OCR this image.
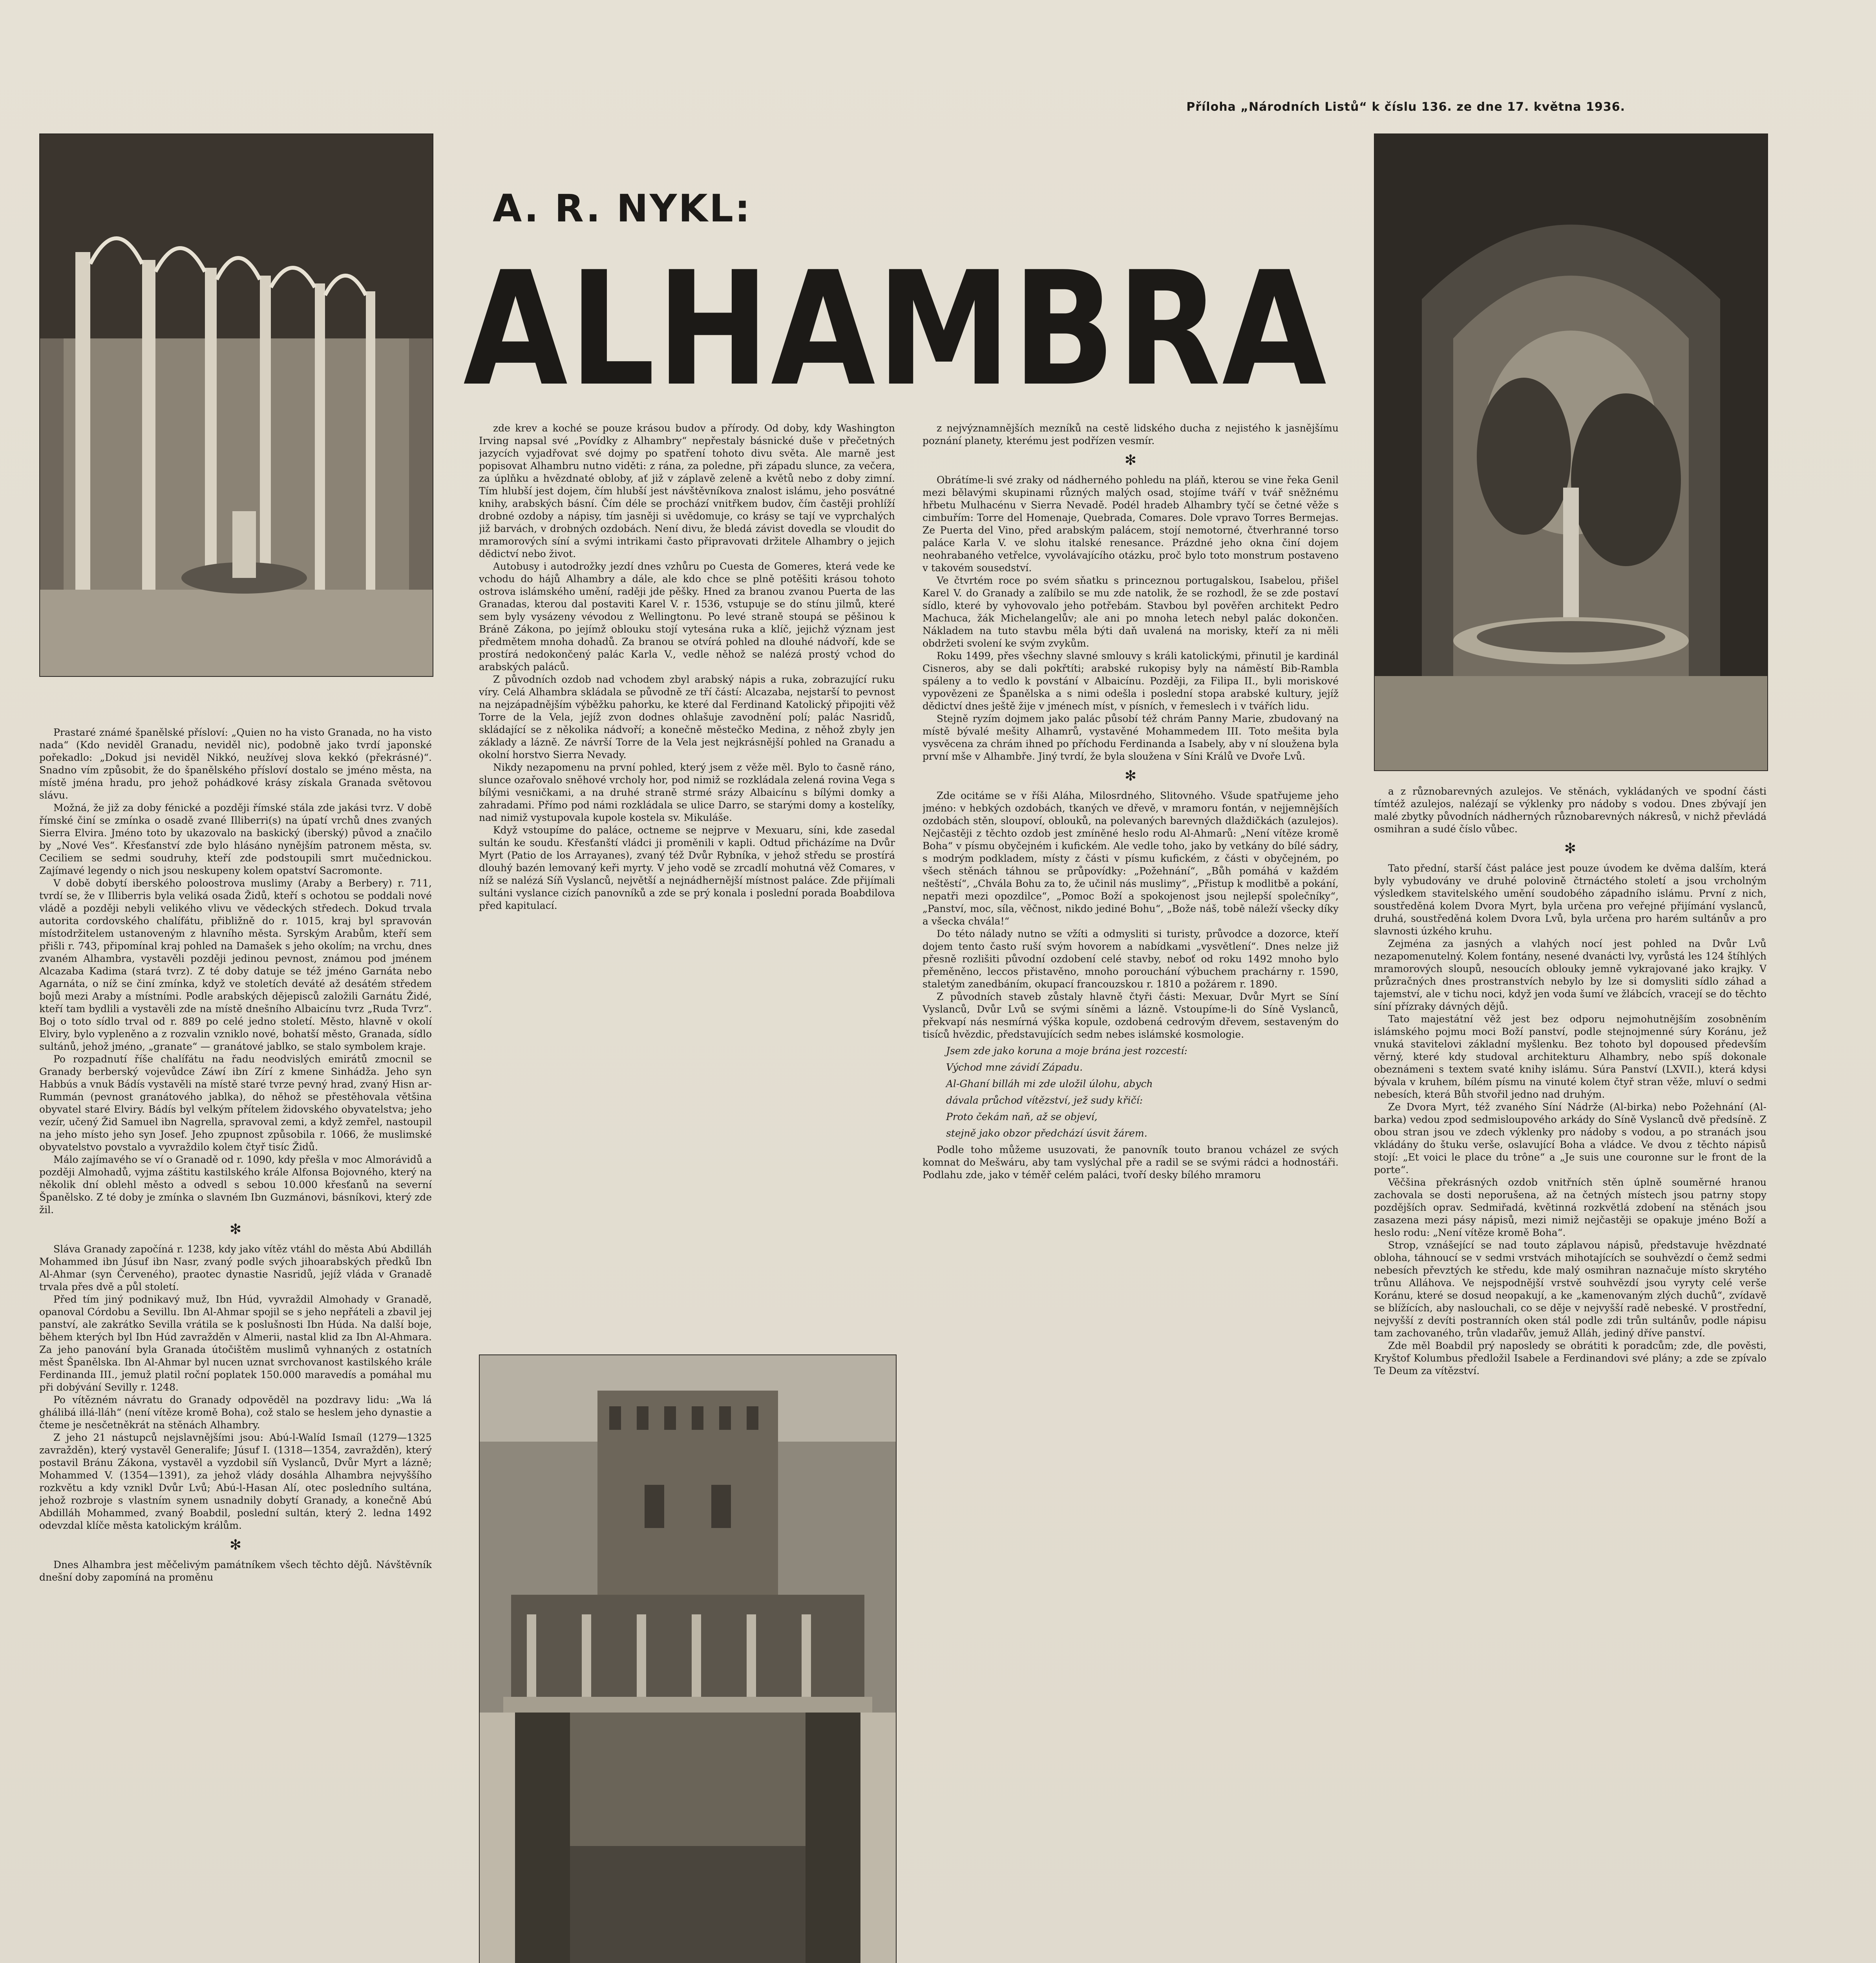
Příloha „Národních Listů“ k číslu 136. ze dne 17. května 1936.
A. R. NYKL:
ALHAMBRA

Prastaré známé španělské přísloví: „Quien no ha visto Granada, no ha visto nada“ (Kdo neviděl Granadu, neviděl nic), podobně jako tvrdí japonské pořekadlo: „Dokud jsi neviděl Nikkó, neužívej slova kekkó (překrásné)“. Snadno vím způsobit, že do španělského přísloví dostalo se jméno města, na místě jména hradu, pro jehož pohádkové krásy získala Granada světovou slávu.

Možná, že již za doby fénické a později římské stála zde jakási tvrz. V době římské činí se zmínka o osadě zvané Illiberri(s) na úpatí vrchů dnes zvaných Sierra Elvira. Jméno toto by ukazovalo na baskický (iberský) původ a značilo by „Nové Ves“. Křesťanství zde bylo hlásáno nynějším patronem města, sv. Ceciliem se sedmi soudruhy, kteří zde podstoupili smrt mučednickou. Zajímavé legendy o nich jsou neskupeny kolem opatství Sacromonte.

V době dobytí iberského poloostrova muslimy (Araby a Berbery) r. 711, tvrdí se, že v Illiberris byla veliká osada Židů, kteří s ochotou se poddali nové vládě a později nebyli velikého vlivu ve vědeckých středech. Dokud trvala autorita cordovského chalífátu, přibližně do r. 1015, kraj byl spravován místodržitelem ustanoveným z hlavního města. Syrským Arabům, kteří sem přišli r. 743, připomínal kraj pohled na Damašek s jeho okolím; na vrchu, dnes zvaném Alhambra, vystavěli později jedinou pevnost, známou pod jménem Alcazaba Kadima (stará tvrz). Z té doby datuje se též jméno Garnáta nebo Agarnáta, o níž se činí zmínka, když ve stoletích deváté až desátém středem bojů mezi Araby a místními. Podle arabských dějepisců založili Garnátu Židé, kteří tam bydlili a vystavěli zde na místě dnešního Albaicínu tvrz „Ruda Tvrz“. Boj o toto sídlo trval od r. 889 po celé jedno století. Město, hlavně v okolí Elviry, bylo vypleněno a z rozvalin vzniklo nové, bohatší město, Granada, sídlo sultánů, jehož jméno, „granate“ — granátové jablko, se stalo symbolem kraje.

Po rozpadnutí říše chalífátu na řadu neodvislých emirátů zmocnil se Granady berberský vojevůdce Záwí ibn Zírí z kmene Sinhádža. Jeho syn Habbús a vnuk Bádís vystavěli na místě staré tvrze pevný hrad, zvaný Hisn ar-Rummán (pevnost granátového jablka), do něhož se přestěhovala většina obyvatel staré Elviry. Bádís byl velkým přítelem židovského obyvatelstva; jeho vezír, učený Žid Samuel ibn Nagrella, spravoval zemi, a když zemřel, nastoupil na jeho místo jeho syn Josef. Jeho zpupnost způsobila r. 1066, že muslimské obyvatelstvo povstalo a vyvraždilo kolem čtyř tisíc Židů.

Málo zajímavého se ví o Granadě od r. 1090, kdy přešla v moc Almorávidů a později Almohadů, vyjma záštitu kastilského krále Alfonsa Bojovného, který na několik dní oblehl město a odvedl s sebou 10.000 křesťanů na severní Španělsko. Z té doby je zmínka o slavném Ibn Guzmánovi, básníkovi, který zde žil.

✻

Sláva Granady započíná r. 1238, kdy jako vítěz vtáhl do města Abú Abdilláh Mohammed ibn Júsuf ibn Nasr, zvaný podle svých jihoarabských předků Ibn Al-Ahmar (syn Červeného), praotec dynastie Nasridů, jejíž vláda v Granadě trvala přes dvě a půl století.

Před tím jiný podnikavý muž, Ibn Húd, vyvraždil Almohady v Granadě, opanoval Córdobu a Sevillu. Ibn Al-Ahmar spojil se s jeho nepřáteli a zbavil jej panství, ale zakrátko Sevilla vrátila se k poslušnosti Ibn Húda. Na další boje, během kterých byl Ibn Húd zavražděn v Almerii, nastal klid za Ibn Al-Ahmara. Za jeho panování byla Granada útočištěm muslimů vyhnaných z ostatních měst Španělska. Ibn Al-Ahmar byl nucen uznat svrchovanost kastilského krále Ferdinanda III., jemuž platil roční poplatek 150.000 maravedís a pomáhal mu při dobývání Sevilly r. 1248.

Po vítězném návratu do Granady odpověděl na pozdravy lidu: „Wa lá ghálibá illá-lláh“ (není vítěze kromě Boha), což stalo se heslem jeho dynastie a čteme je nesčetněkrát na stěnách Alhambry.

Z jeho 21 nástupců nejslavnějšími jsou: Abú-l-Walíd Ismaíl (1279—1325 zavražděn), který vystavěl Generalife; Júsuf I. (1318—1354, zavražděn), který postavil Bránu Zákona, vystavěl a vyzdobil síň Vyslanců, Dvůr Myrt a lázně; Mohammed V. (1354—1391), za jehož vlády dosáhla Alhambra nejvyššího rozkvětu a kdy vznikl Dvůr Lvů; Abú-l-Hasan Alí, otec posledního sultána, jehož rozbroje s vlastním synem usnadnily dobytí Granady, a konečně Abú Abdilláh Mohammed, zvaný Boabdil, poslední sultán, který 2. ledna 1492 odevzdal klíče města katolickým králům.

✻

Dnes Alhambra jest měčelivým památníkem všech těchto dějů. Návštěvník dnešní doby zapomíná na proměnu

zde krev a koché se pouze krásou budov a přírody. Od doby, kdy Washington Irving napsal své „Povídky z Alhambry“ nepřestaly básnické duše v přečetných jazycích vyjadřovat své dojmy po spatření tohoto divu světa. Ale marně jest popisovat Alhambru nutno viděti: z rána, za poledne, při západu slunce, za večera, za úplňku a hvězdnaté obloby, ať již v záplavě zeleně a květů nebo z doby zimní. Tím hlubší jest dojem, čím hlubší jest návštěvníkova znalost islámu, jeho posvátné knihy, arabských básní. Čím déle se prochází vnitřkem budov, čím častěji prohlíží drobné ozdoby a nápisy, tím jasněji si uvědomuje, co krásy se tají ve vyprchalých již barvách, v drobných ozdobách. Není divu, že bledá závist dovedla se vloudit do mramorových síní a svými intrikami často připravovati držitele Alhambry o jejich dědictví nebo život.

Autobusy i autodrožky jezdí dnes vzhůru po Cuesta de Gomeres, která vede ke vchodu do hájů Alhambry a dále, ale kdo chce se plně potěšiti krásou tohoto ostrova islámského umění, raději jde pěšky. Hned za branou zvanou Puerta de las Granadas, kterou dal postaviti Karel V. r. 1536, vstupuje se do stínu jilmů, které sem byly vysázeny vévodou z Wellingtonu. Po levé straně stoupá se pěšinou k Bráně Zákona, po jejímž oblouku stojí vytesána ruka a klíč, jejichž význam jest předmětem mnoha dohadů. Za branou se otvírá pohled na dlouhé nádvoří, kde se prostírá nedokončený palác Karla V., vedle něhož se nalézá prostý vchod do arabských paláců.

Z původních ozdob nad vchodem zbyl arabský nápis a ruka, zobrazující ruku víry. Celá Alhambra skládala se původně ze tří částí: Alcazaba, nejstarší to pevnost na nejzápadnějším výběžku pahorku, ke které dal Ferdinand Katolický připojiti věž Torre de la Vela, jejíž zvon dodnes ohlašuje zavodnění polí; palác Nasridů, skládající se z několika nádvoří; a konečně městečko Medina, z něhož zbyly jen základy a lázně. Ze návrší Torre de la Vela jest nejkrásnější pohled na Granadu a okolní horstvo Sierra Nevady.

Nikdy nezapomenu na první pohled, který jsem z věže měl. Bylo to časně ráno, slunce ozařovalo sněhové vrcholy hor, pod nimiž se rozkládala zelená rovina Vega s bílými vesničkami, a na druhé straně strmé srázy Albaicínu s bílými domky a zahradami. Přímo pod námi rozkládala se ulice Darro, se starými domy a kostelíky, nad nimiž vystupovala kupole kostela sv. Mikuláše.

Když vstoupíme do paláce, octneme se nejprve v Mexuaru, síni, kde zasedal sultán ke soudu. Křesťanští vládci ji proměnili v kapli. Odtud přicházíme na Dvůr Myrt (Patio de los Arrayanes), zvaný též Dvůr Rybníka, v jehož středu se prostírá dlouhý bazén lemovaný keři myrty. V jeho vodě se zrcadlí mohutná věž Comares, v níž se nalézá Síň Vyslanců, největší a nejnádhernější místnost paláce. Zde přijímali sultáni vyslance cizích panovníků a zde se prý konala i poslední porada Boabdilova před kapitulací.

z nejvýznamnějších mezníků na cestě lidského ducha z nejistého k jasnějšímu poznání planety, kterému jest podřízen vesmír.

✻

Obrátíme-li své zraky od nádherného pohledu na pláň, kterou se vine řeka Genil mezi bělavými skupinami různých malých osad, stojíme tváří v tvář sněžnému hřbetu Mulhacénu v Sierra Nevadě. Podél hradeb Alhambry tyčí se četné věže s cimbuřím: Torre del Homenaje, Quebrada, Comares. Dole vpravo Torres Bermejas. Ze Puerta del Vino, před arabským palácem, stojí nemotorné, čtverhranné torso paláce Karla V. ve slohu italské renesance. Prázdné jeho okna činí dojem neohrabaného vetřelce, vyvolávajícího otázku, proč bylo toto monstrum postaveno v takovém sousedství.

Ve čtvrtém roce po svém sňatku s princeznou portugalskou, Isabelou, přišel Karel V. do Granady a zalíbilo se mu zde natolik, že se rozhodl, že se zde postaví sídlo, které by vyhovovalo jeho potřebám. Stavbou byl pověřen architekt Pedro Machuca, žák Michelangelův; ale ani po mnoha letech nebyl palác dokončen. Nákladem na tuto stavbu měla býti daň uvalená na morisky, kteří za ni měli obdržeti svolení ke svým zvykům.

Roku 1499, přes všechny slavné smlouvy s králi katolickými, přinutil je kardinál Cisneros, aby se dali pokřtíti; arabské rukopisy byly na náměstí Bib-Rambla spáleny a to vedlo k povstání v Albaicínu. Později, za Filipa II., byli moriskové vypovězeni ze Španělska a s nimi odešla i poslední stopa arabské kultury, jejíž dědictví dnes ještě žije v jménech míst, v písních, v řemeslech i v tvářích lidu.

Stejně ryzím dojmem jako palác působí též chrám Panny Marie, zbudovaný na místě bývalé mešity Alhamrů, vystavěné Mohammedem III. Toto mešita byla vysvěcena za chrám ihned po příchodu Ferdinanda a Isabely, aby v ní sloužena byla první mše v Alhambře. Jiný tvrdí, že byla sloužena v Síni Králů ve Dvoře Lvů.

✻

Zde ocitáme se v říši Aláha, Milosrdného, Slitovného. Všude spatřujeme jeho jméno: v hebkých ozdobách, tkaných ve dřevě, v mramoru fontán, v nejjemnějších ozdobách stěn, sloupoví, oblouků, na polevaných barevných dlaždičkách (azulejos). Nejčastěji z těchto ozdob jest zmíněné heslo rodu Al-Ahmarů: „Není vítěze kromě Boha“ v písmu obyčejném i kufickém. Ale vedle toho, jako by vetkány do bílé sádry, s modrým podkladem, místy z části v písmu kufickém, z části v obyčejném, po všech stěnách táhnou se průpovídky: „Požehnání“, „Bůh pomáhá v každém neštěstí“, „Chvála Bohu za to, že učinil nás muslimy“, „Přistup k modlitbě a pokání, nepatři mezi opozdilce“, „Pomoc Boží a spokojenost jsou nejlepší společníky“, „Panství, moc, síla, věčnost, nikdo jediné Bohu“, „Bože náš, tobě náleží všecky díky a všecka chvála!“

Do této nálady nutno se vžíti a odmysliti si turisty, průvodce a dozorce, kteří dojem tento často ruší svým hovorem a nabídkami „vysvětlení“. Dnes nelze již přesně rozlišiti původní ozdobení celé stavby, neboť od roku 1492 mnoho bylo přeměněno, leccos přistavěno, mnoho porouchání výbuchem prachárny r. 1590, staletým zanedbáním, okupací francouzskou r. 1810 a požárem r. 1890.

Z původních staveb zůstaly hlavně čtyři části: Mexuar, Dvůr Myrt se Síní Vyslanců, Dvůr Lvů se svými síněmi a lázně. Vstoupíme-li do Síně Vyslanců, překvapí nás nesmírná výška kopule, ozdobená cedrovým dřevem, sestaveným do tisíců hvězdic, představujících sedm nebes islámské kosmologie.

Jsem zde jako koruna a moje brána jest rozcestí:

Východ mne závidí Západu.

Al-Ghaní billáh mi zde uložil úlohu, abych

dávala průchod vítězství, jež sudy křičí:

Proto čekám naň, až se objeví,

stejně jako obzor předchází úsvit žárem.

Podle toho můžeme usuzovati, že panovník touto branou vcházel ze svých komnat do Mešwáru, aby tam vyslýchal pře a radil se se svými rádci a hodnostáři. Podlahu zde, jako v téměř celém paláci, tvoří desky bílého mramoru

a z různobarevných azulejos. Ve stěnách, vykládaných ve spodní části tímtéž azulejos, nalézají se výklenky pro nádoby s vodou. Dnes zbývají jen malé zbytky původních nádherných různobarevných nákresů, v nichž převládá osmihran a sudé číslo vůbec.

✻

Tato přední, starší část paláce jest pouze úvodem ke dvěma dalším, která byly vybudovány ve druhé polovině čtrnáctého století a jsou vrcholným výsledkem stavitelského umění soudobého západního islámu. První z nich, soustředěná kolem Dvora Myrt, byla určena pro veřejné přijímání vyslanců, druhá, soustředěná kolem Dvora Lvů, byla určena pro harém sultánův a pro slavnosti úzkého kruhu.

Zejména za jasných a vlahých nocí jest pohled na Dvůr Lvů nezapomenutelný. Kolem fontány, nesené dvanácti lvy, vyrůstá les 124 štíhlých mramorových sloupů, nesoucích oblouky jemně vykrajované jako krajky. V průzračných dnes prostranstvích nebylo by lze si domysliti sídlo záhad a tajemství, ale v tichu noci, když jen voda šumí ve žlábcích, vracejí se do těchto síní přízraky dávných dějů.

Tato majestátní věž jest bez odporu nejmohutnějším zosobněním islámského pojmu moci Boží panství, podle stejnojmenné súry Koránu, jež vnuká stavitelovi základní myšlenku. Bez tohoto byl dopoused především věrný, které kdy studoval architekturu Alhambry, nebo spíš dokonale obeznámeni s textem svaté knihy islámu. Súra Panství (LXVII.), která kdysi bývala v kruhem, bílém písmu na vinuté kolem čtyř stran věže, mluví o sedmi nebesích, která Bůh stvořil jedno nad druhým.

Ze Dvora Myrt, též zvaného Síní Nádrže (Al-birka) nebo Požehnání (Al-barka) vedou zpod sedmisloupového arkády do Síně Vyslanců dvě předsíně. Z obou stran jsou ve zdech výklenky pro nádoby s vodou, a po stranách jsou vkládány do štuku verše, oslavující Boha a vládce. Ve dvou z těchto nápisů stojí: „Et voici le place du trône“ a „Je suis une couronne sur le front de la porte“.

Věčšina překrásných ozdob vnitřních stěn úplně souměrné hranou zachovala se dosti neporušena, až na četných místech jsou patrny stopy pozdějších oprav. Sedmiřadá, květinná rozkvětlá zdobení na stěnách jsou zasazena mezi pásy nápisů, mezi nimiž nejčastěji se opakuje jméno Boží a heslo rodu: „Není vítěze kromě Boha“.

Strop, vznášející se nad touto záplavou nápisů, představuje hvězdnaté obloha, táhnoucí se v sedmi vrstvách mihotajících se souhvězdí o čemž sedmi nebesích převztých ke středu, kde malý osmihran naznačuje místo skrytého trůnu Alláhova. Ve nejspodnější vrstvě souhvězdí jsou vyryty celé verše Koránu, které se dosud neopakují, a ke „kamenovaným zlých duchů“, zvídavě se blížících, aby naslouchali, co se děje v nejvyšší radě nebeské. V prostřední, nejvyšší z devíti postranních oken stál podle zdi trůn sultánův, podle nápisu tam zachovaného, trůn vladařův, jemuž Alláh, jediný dříve panství.

Zde měl Boabdil prý naposledy se obrátiti k poradcům; zde, dle pověsti, Kryštof Kolumbus předložil Isabele a Ferdinandovi své plány; a zde se zpívalo Te Deum za vítězství.
